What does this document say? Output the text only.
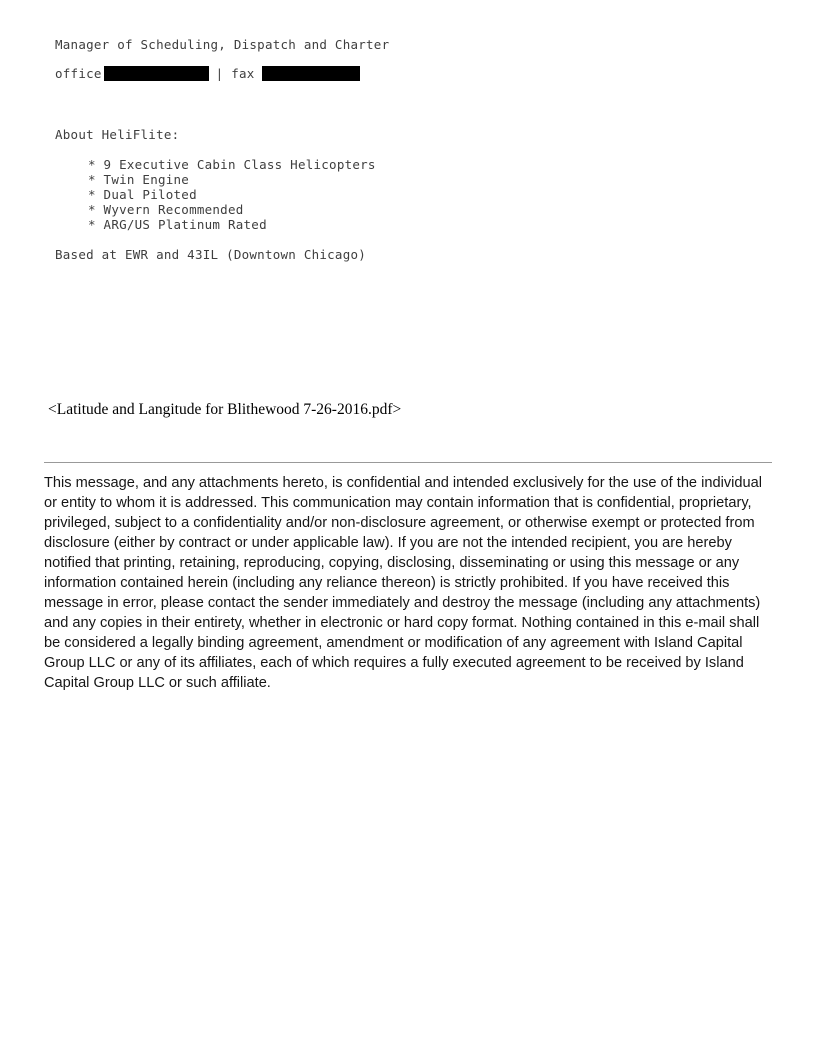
Manager of Scheduling, Dispatch and Charter
office	| fax
About HeliFlite:
* 9 Executive Cabin Class Helicopters
* Twin Engine
* Dual Piloted
* Wyvern Recommended
* ARG/US Platinum Rated
Based at EWR and 43IL (Downtown Chicago)
<Latitude and Langitude for Blithewood 7-26-2016.pdf>
This message, and any attachments hereto, is confidential and intended exclusively for the use of the individual or entity to whom it is addressed. This communication may contain information that is confidential, proprietary, privileged, subject to a confidentiality and/or non-disclosure agreement, or otherwise exempt or protected from disclosure (either by contract or under applicable law). If you are not the intended recipient, you are hereby notified that printing, retaining, reproducing, copying, disclosing, disseminating or using this message or any information contained herein (including any reliance thereon) is strictly prohibited. If you have received this message in error, please contact the sender immediately and destroy the message (including any attachments) and any copies in their entirety, whether in electronic or hard copy format. Nothing contained in this e-mail shall be considered a legally binding agreement, amendment or modification of any agreement with Island Capital Group LLC or any of its affiliates, each of which requires a fully executed agreement to be received by Island Capital Group LLC or such affiliate.
